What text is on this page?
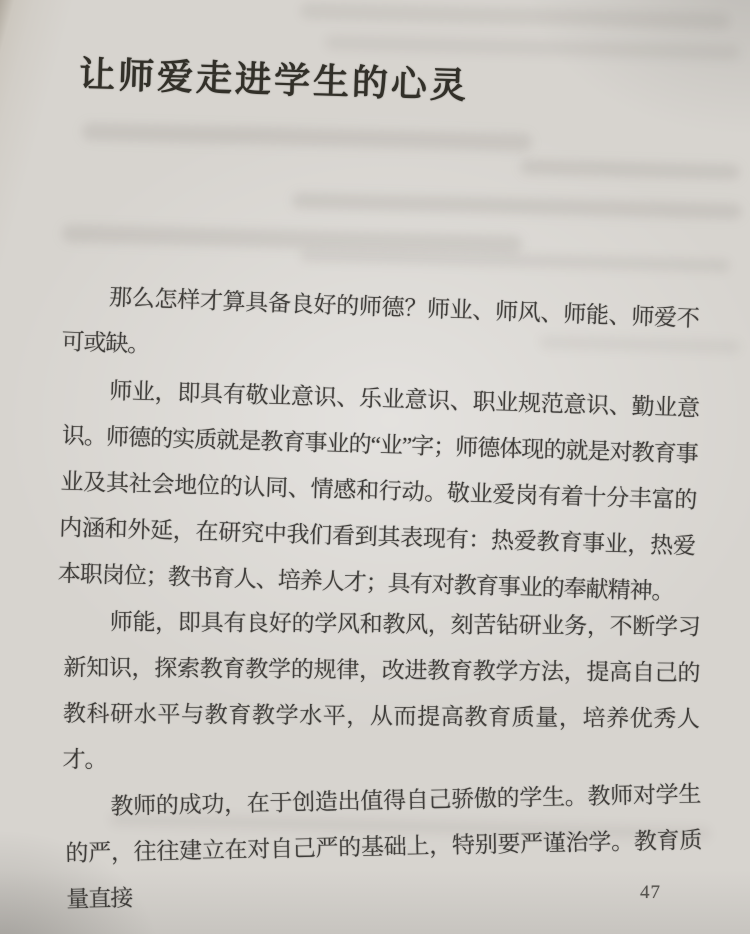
让师爱走进学生的心灵

那么怎样才算具备良好的师德？师业、师风、师能、师爱不可或缺。

师业，即具有敬业意识、乐业意识、职业规范意识、勤业意识。师德的实质就是教育事业的“业”字；师德体现的就是对教育事业及其社会地位的认同、情感和行动。敬业爱岗有着十分丰富的内涵和外延，在研究中我们看到其表现有：热爱教育事业，热爱本职岗位；教书育人、培养人才；具有对教育事业的奉献精神。

师能，即具有良好的学风和教风，刻苦钻研业务，不断学习新知识，探索教育教学的规律，改进教育教学方法，提高自己的教科研水平与教育教学水平，从而提高教育质量，培养优秀人才。

教师的成功，在于创造出值得自己骄傲的学生。教师对学生的严，往往建立在对自己严的基础上，特别要严谨治学。教育质量直接	47
